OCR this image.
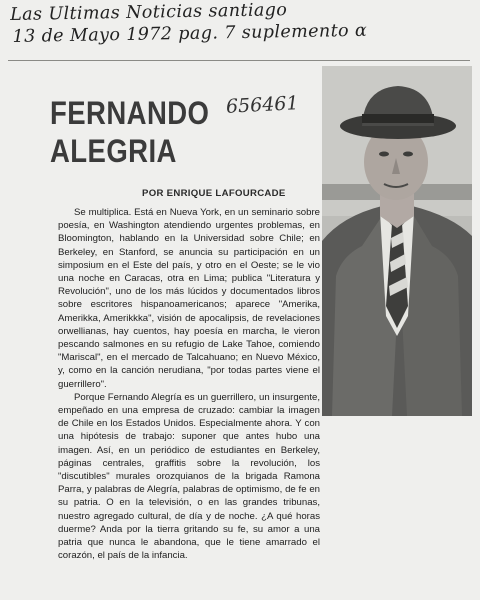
Las Ultimas Noticias santiago
13 de Mayo 1972 pag. 7 suplemento α
FERNANDO
ALEGRIA
656461
POR ENRIQUE LAFOURCADE

Se multiplica. Está en Nueva York, en un seminario sobre poesía, en Washington atendiendo urgentes problemas, en Bloomington, hablando en la Universidad sobre Chile; en Berkeley, en Stanford, se anuncia su participación en un simposium en el Este del país, y otro en el Oeste; se le vio una noche en Caracas, otra en Lima; publica "Literatura y Revolución", uno de los más lúcidos y documentados libros sobre escritores hispanoamericanos; aparece "Amerika, Amerikka, Amerikkka", visión de apocalipsis, de revelaciones orwellianas, hay cuentos, hay poesía en marcha, le vieron pescando salmones en su refugio de Lake Tahoe, comiendo "Mariscal", en el mercado de Talcahuano; en Nuevo México, y, como en la canción nerudiana, "por todas partes viene el guerrillero".

Porque Fernando Alegría es un guerrillero, un insurgente, empeñado en una empresa de cruzado: cambiar la imagen de Chile en los Estados Unidos. Especialmente ahora. Y con una hipótesis de trabajo: suponer que antes hubo una imagen. Así, en un periódico de estudiantes en Berkeley, páginas centrales, graffitis sobre la revolución, los "discutibles" murales orozquianos de la brigada Ramona Parra, y palabras de Alegría, palabras de optimismo, de fe en su patria. O en la televisión, o en las grandes tribunas, nuestro agregado cultural, de día y de noche. ¿A qué horas duerme? Anda por la tierra gritando su fe, su amor a una patria que nunca le abandona, que le tiene amarrado el corazón, el país de la infancia.
